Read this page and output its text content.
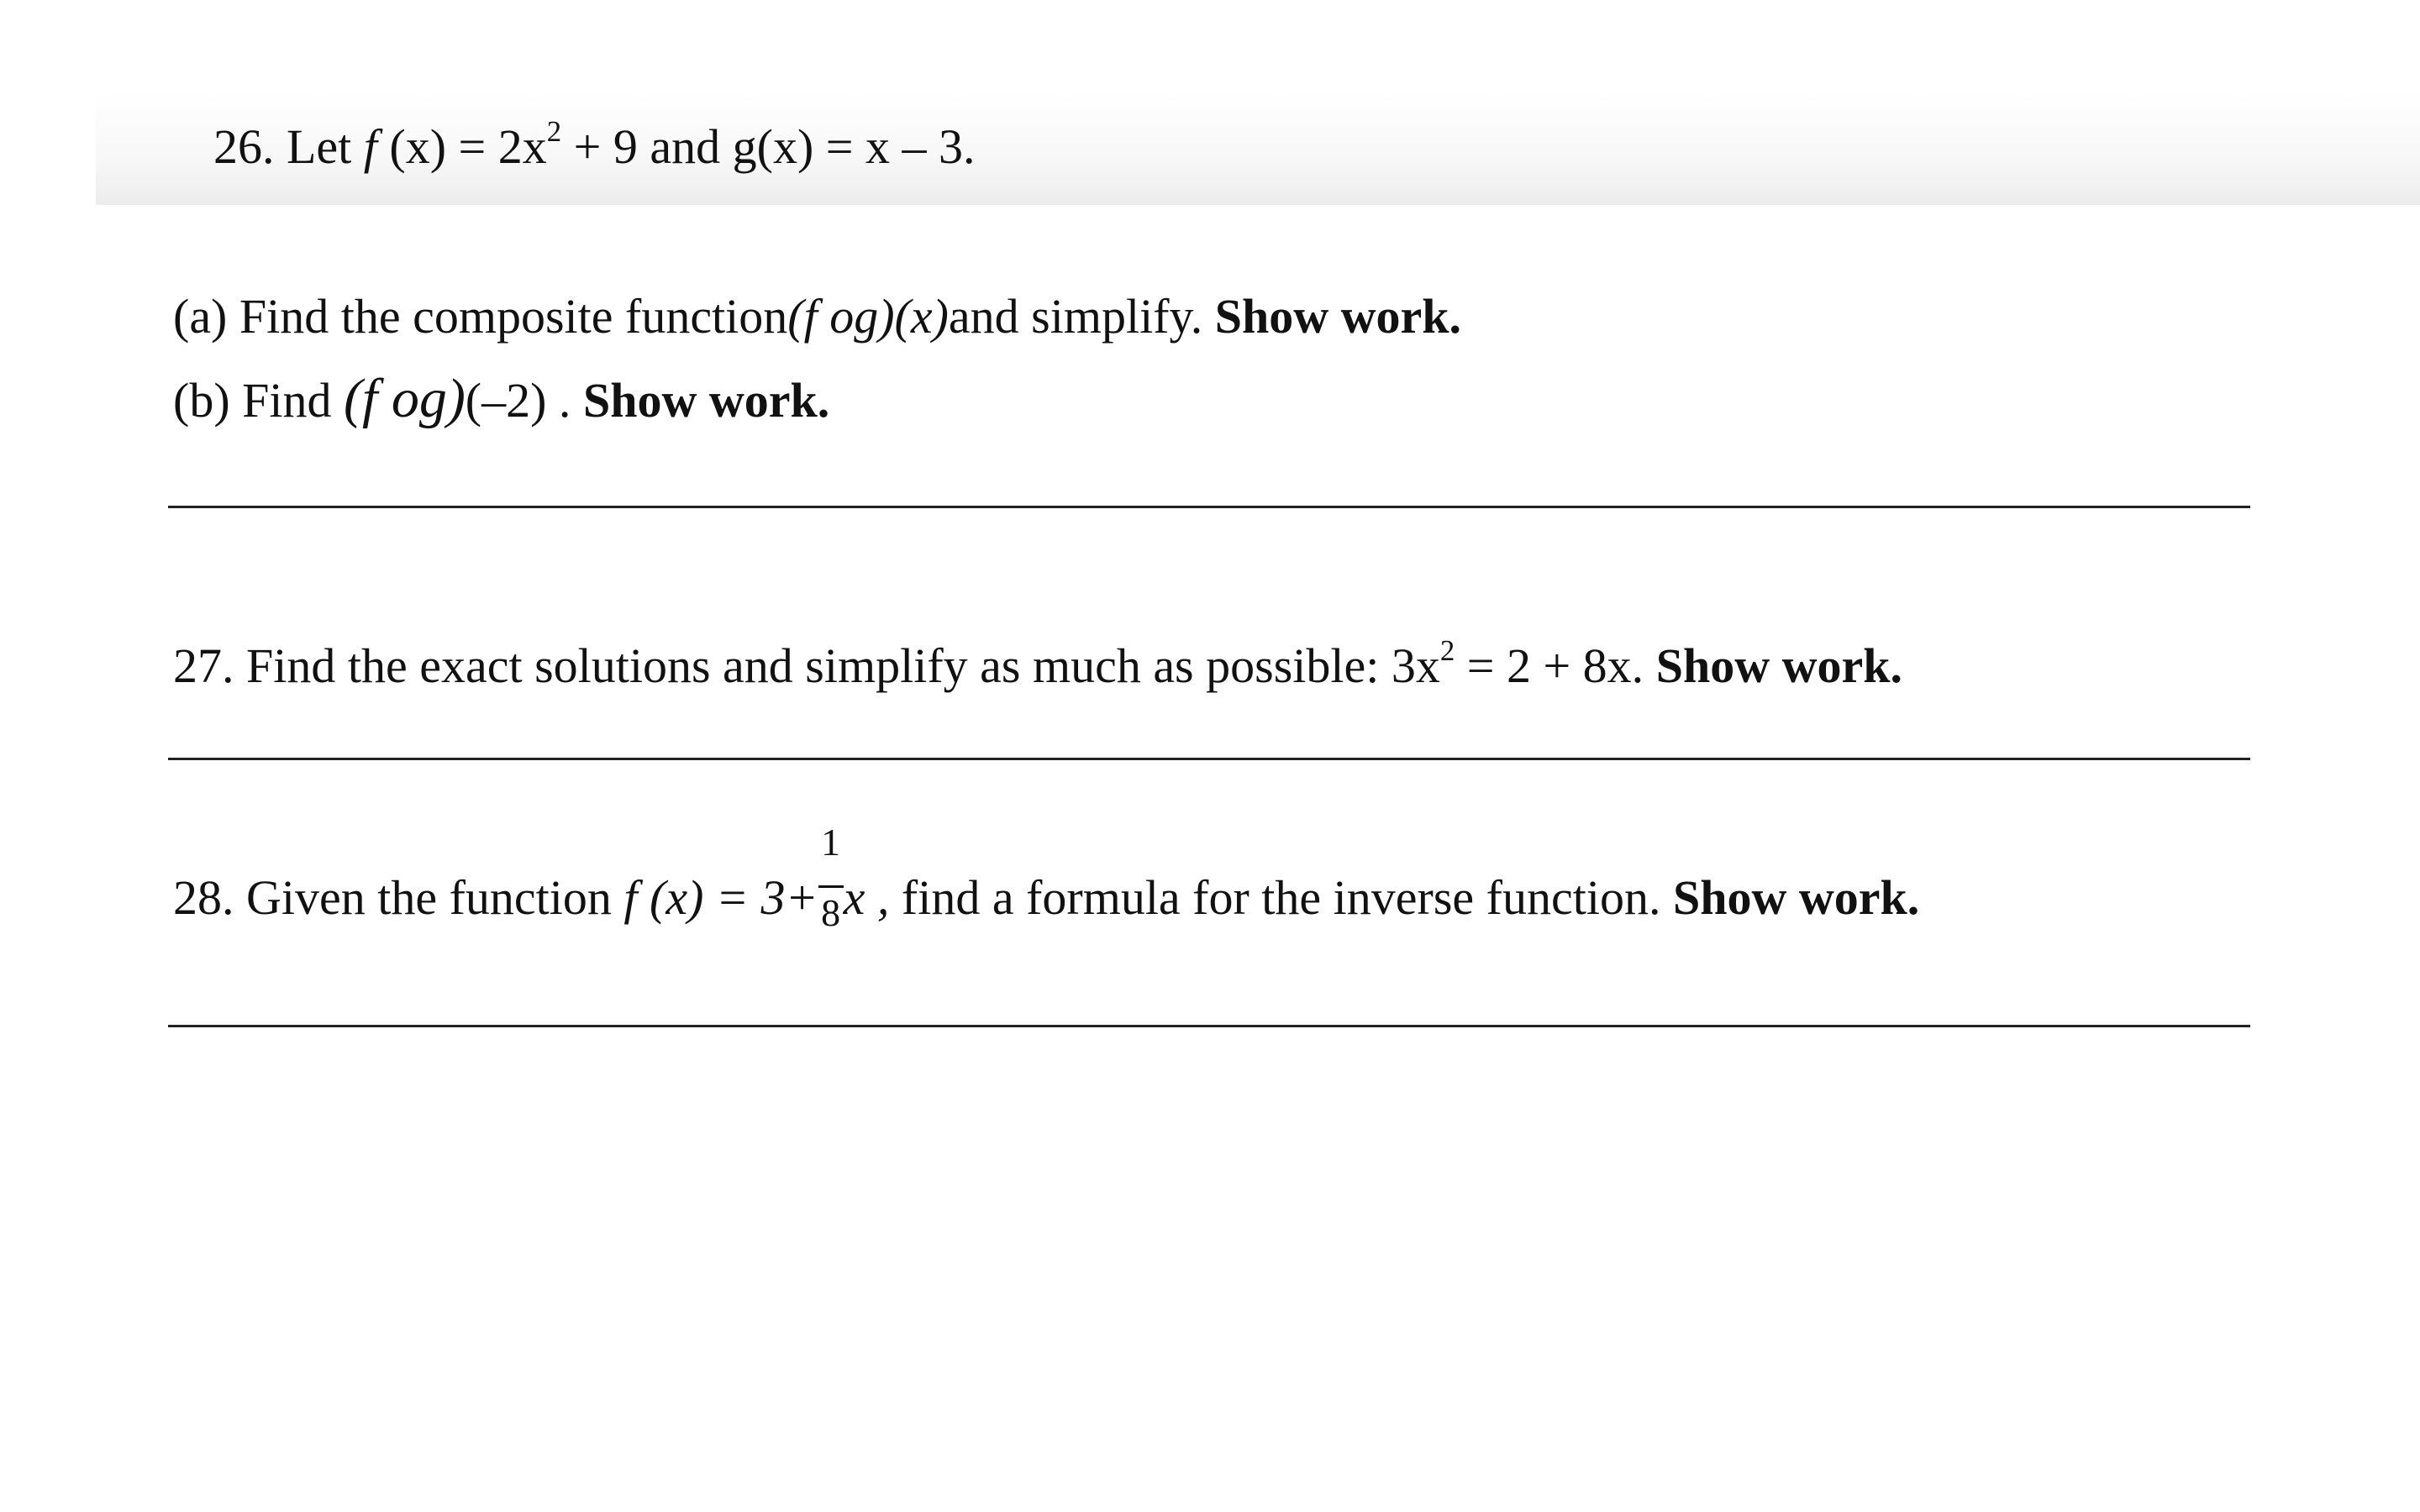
26. Let f $(x) = 2x^2 + 9$ and g(x) = x – 3.
(a) Find the composite function(f og)(x)and simplify. Show work.
(b) Find (f og)(–2) . Show work.
27. Find the exact solutions and simplify as much as possible: $3x^2 = 2 + 8x$. Show work.
28. Given the function f $(x) = 3+ \frac{1}{8}$ x , find a formula for the inverse function. Show work.
